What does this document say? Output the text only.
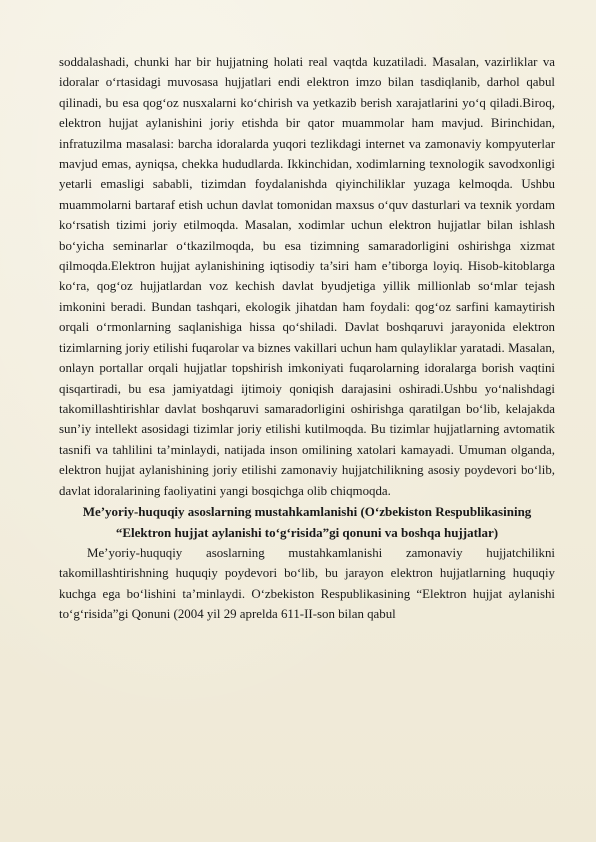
soddalashadi, chunki har bir hujjatning holati real vaqtda kuzatiladi. Masalan, vazirliklar va idoralar o‘rtasidagi muvosasa hujjatlari endi elektron imzo bilan tasdiqlanib, darhol qabul qilinadi, bu esa qog‘oz nusxalarni ko‘chirish va yetkazib berish xarajatlarini yo‘q qiladi.Biroq, elektron hujjat aylanishini joriy etishda bir qator muammolar ham mavjud. Birinchidan, infratuzilma masalasi: barcha idoralarda yuqori tezlikdagi internet va zamonaviy kompyuterlar mavjud emas, ayniqsa, chekka hududlarda. Ikkinchidan, xodimlarning texnologik savodxonligi yetarli emasligi sababli, tizimdan foydalanishda qiyinchiliklar yuzaga kelmoqda. Ushbu muammolarni bartaraf etish uchun davlat tomonidan maxsus o‘quv dasturlari va texnik yordam ko‘rsatish tizimi joriy etilmoqda. Masalan, xodimlar uchun elektron hujjatlar bilan ishlash bo‘yicha seminarlar o‘tkazilmoqda, bu esa tizimning samaradorligini oshirishga xizmat qilmoqda.Elektron hujjat aylanishining iqtisodiy ta’siri ham e’tiborga loyiq. Hisob-kitoblarga ko‘ra, qog‘oz hujjatlardan voz kechish davlat byudjetiga yillik millionlab so‘mlar tejash imkonini beradi. Bundan tashqari, ekologik jihatdan ham foydali: qog‘oz sarfini kamaytirish orqali o‘rmonlarning saqlanishiga hissa qo‘shiladi. Davlat boshqaruvi jarayonida elektron tizimlarning joriy etilishi fuqarolar va biznes vakillari uchun ham qulayliklar yaratadi. Masalan, onlayn portallar orqali hujjatlar topshirish imkoniyati fuqarolarning idoralarga borish vaqtini qisqartiradi, bu esa jamiyatdagi ijtimoiy qoniqish darajasini oshiradi.Ushbu yo‘nalishdagi takomillashtirishlar davlat boshqaruvi samaradorligini oshirishga qaratilgan bo‘lib, kelajakda sun’iy intellekt asosidagi tizimlar joriy etilishi kutilmoqda. Bu tizimlar hujjatlarning avtomatik tasnifi va tahlilini ta’minlaydi, natijada inson omilining xatolari kamayadi. Umuman olganda, elektron hujjat aylanishining joriy etilishi zamonaviy hujjatchilikning asosiy poydevori bo‘lib, davlat idoralarining faoliyatini yangi bosqichga olib chiqmoqda.

Me’yoriy-huquqiy asoslarning mustahkamlanishi (O‘zbekiston Respublikasining

“Elektron hujjat aylanishi to‘g‘risida”gi qonuni va boshqa hujjatlar)

Me’yoriy-huquqiy asoslarning mustahkamlanishi zamonaviy hujjatchilikni takomillashtirishning huquqiy poydevori bo‘lib, bu jarayon elektron hujjatlarning huquqiy kuchga ega bo‘lishini ta’minlaydi. O‘zbekiston Respublikasining “Elektron hujjat aylanishi to‘g‘risida”gi Qonuni (2004 yil 29 aprelda 611-II-son bilan qabul
